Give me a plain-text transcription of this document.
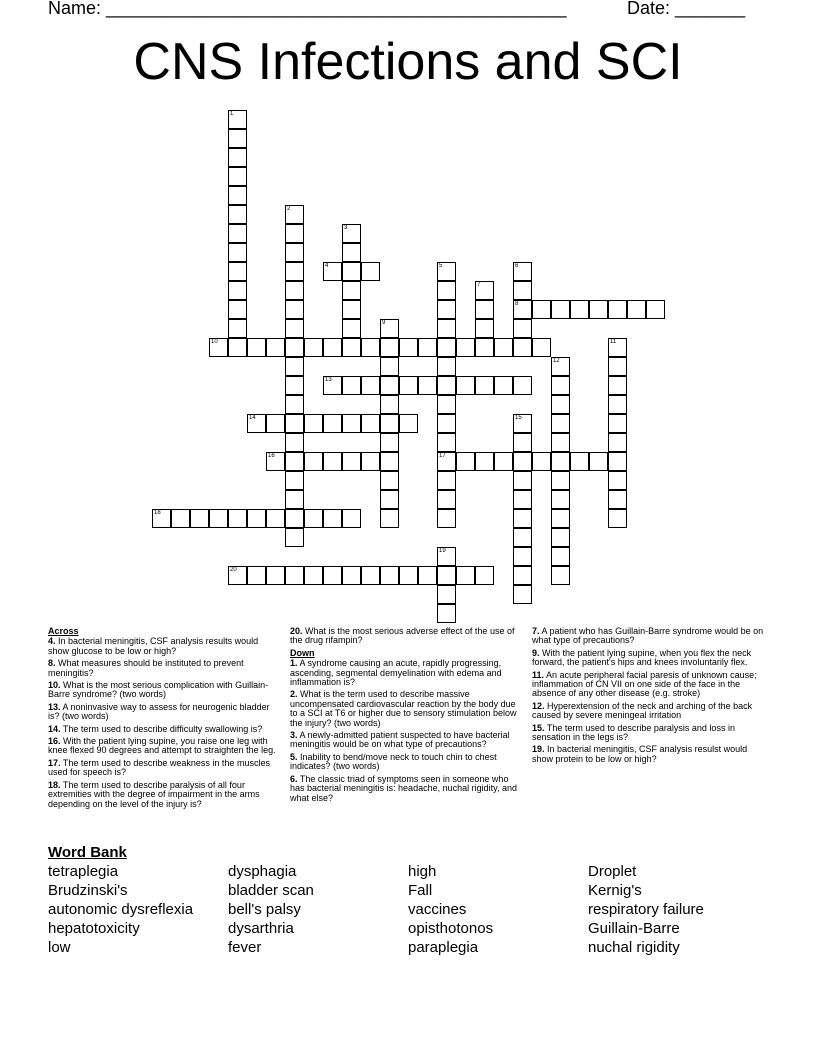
Name: ______________________________________________	Date: _______
CNS Infections and SCI
1
2
3
4	5
17
6
8
7
9
10	11
12
13
14	15
16
18
19
20

Across

4. In bacterial meningitis, CSF analysis results would show glucose to be low or high?

8. What measures should be instituted to prevent meningitis?

10. What is the most serious complication with Guillain-Barre syndrome? (two words)

13. A noninvasive way to assess for neurogenic bladder is? (two words)

14. The term used to describe difficulty swallowing is?

16. With the patient lying supine, you raise one leg with knee flexed 90 degrees and attempt to straighten the leg.

17. The term used to describe weakness in the muscles used for speech is?

18. The term used to describe paralysis of all four extremities with the degree of impairment in the arms depending on the level of the injury is?

20. What is the most serious adverse effect of the use of the drug rifampin?

Down

1. A syndrome causing an acute, rapidly progressing, ascending, segmental demyelination with edema and inflammation is?

2. What is the term used to describe massive uncompensated cardiovascular reaction by the body due to a SCI at T6 or higher due to sensory stimulation below the injury? (two words)

3. A newly-admitted patient suspected to have bacterial meningitis would be on what type of precautions?

5. Inability to bend/move neck to touch chin to chest indicates? (two words)

6. The classic triad of symptoms seen in someone who has bacterial meningitis is: headache, nuchal rigidity, and what else?

7. A patient who has Guillain-Barre syndrome would be on what type of precautions?

9. With the patient lying supine, when you flex the neck forward, the patient's hips and knees involuntarily flex.

11. An acute peripheral facial paresis of unknown cause; inflammation of CN VII on one side of the face in the absence of any other disease (e.g. stroke)

12. Hyperextension of the neck and arching of the back caused by severe meningeal irritation

15. The term used to describe paralysis and loss in sensation in the legs is?

19. In bacterial meningitis, CSF analysis resulst would show protein to be low or high?

Word Bank
tetraplegia
Brudzinski's
autonomic dysreflexia
hepatotoxicity
low
dysphagia
bladder scan
bell's palsy
dysarthria
fever
high
Fall
vaccines
opisthotonos
paraplegia
Droplet
Kernig's
respiratory failure
Guillain-Barre
nuchal rigidity
